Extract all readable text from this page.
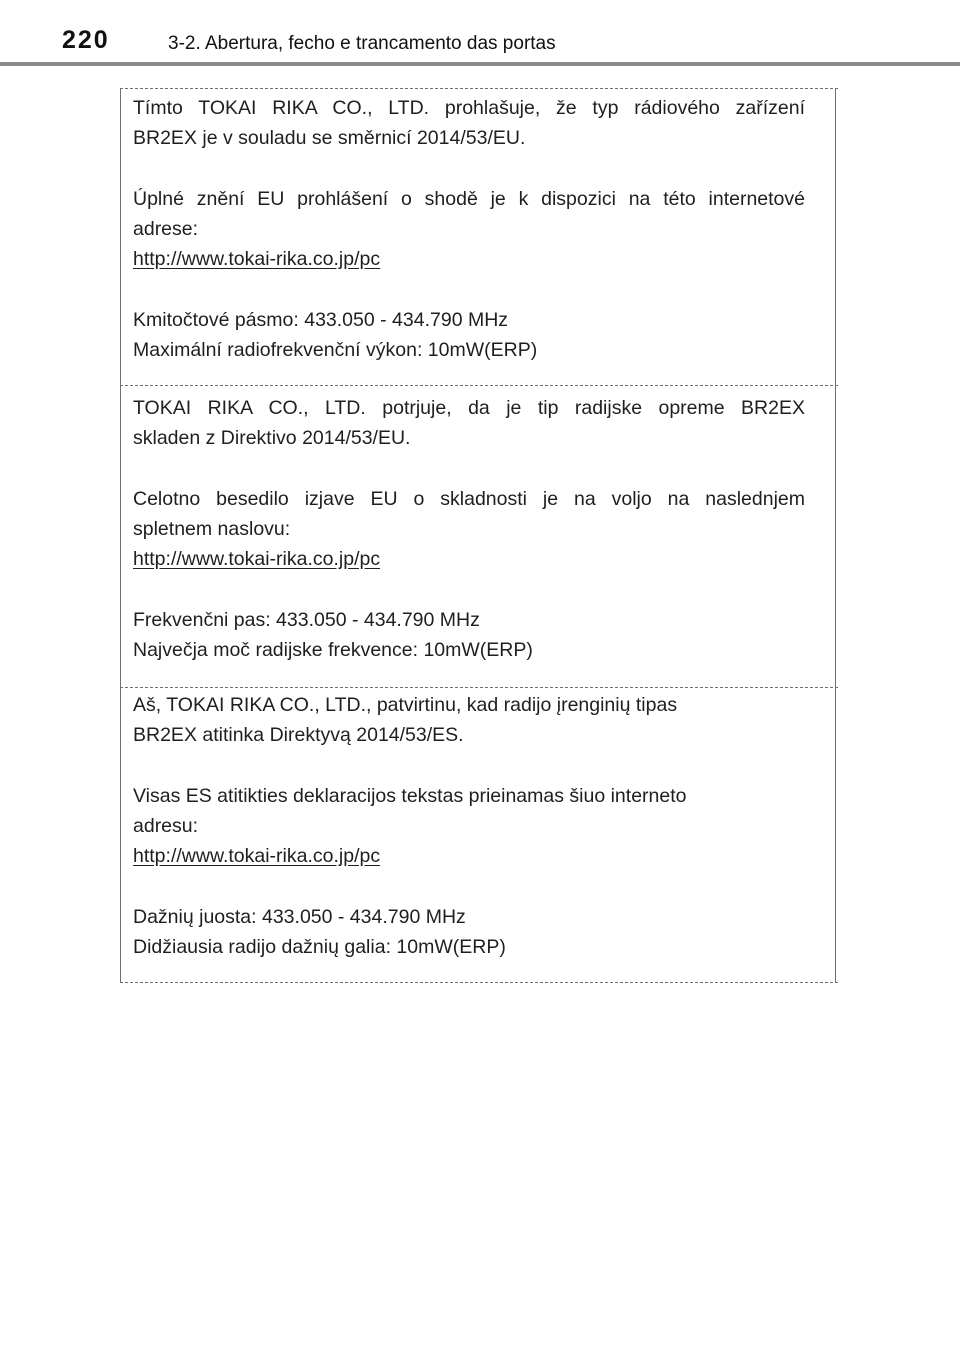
220	3-2. Abertura, fecho e trancamento das portas
Tímto TOKAI RIKA CO., LTD. prohlašuje, že typ rádiového zařízení
BR2EX je v souladu se směrnicí 2014/53/EU.
Úplné znění EU prohlášení o shodě je k dispozici na této internetové
adrese:
http://www.tokai-rika.co.jp/pc
Kmitočtové pásmo: 433.050 - 434.790 MHz
Maximální radiofrekvenční výkon: 10mW(ERP)
TOKAI RIKA CO., LTD. potrjuje, da je tip radijske opreme BR2EX
skladen z Direktivo 2014/53/EU.
Celotno besedilo izjave EU o skladnosti je na voljo na naslednjem
spletnem naslovu:
http://www.tokai-rika.co.jp/pc
Frekvenčni pas: 433.050 - 434.790 MHz
Največja moč radijske frekvence: 10mW(ERP)
Aš, TOKAI RIKA CO., LTD., patvirtinu, kad radijo įrenginių tipas
BR2EX atitinka Direktyvą 2014/53/ES.
Visas ES atitikties deklaracijos tekstas prieinamas šiuo interneto
adresu:
http://www.tokai-rika.co.jp/pc
Dažnių juosta: 433.050 - 434.790 MHz
Didžiausia radijo dažnių galia: 10mW(ERP)
